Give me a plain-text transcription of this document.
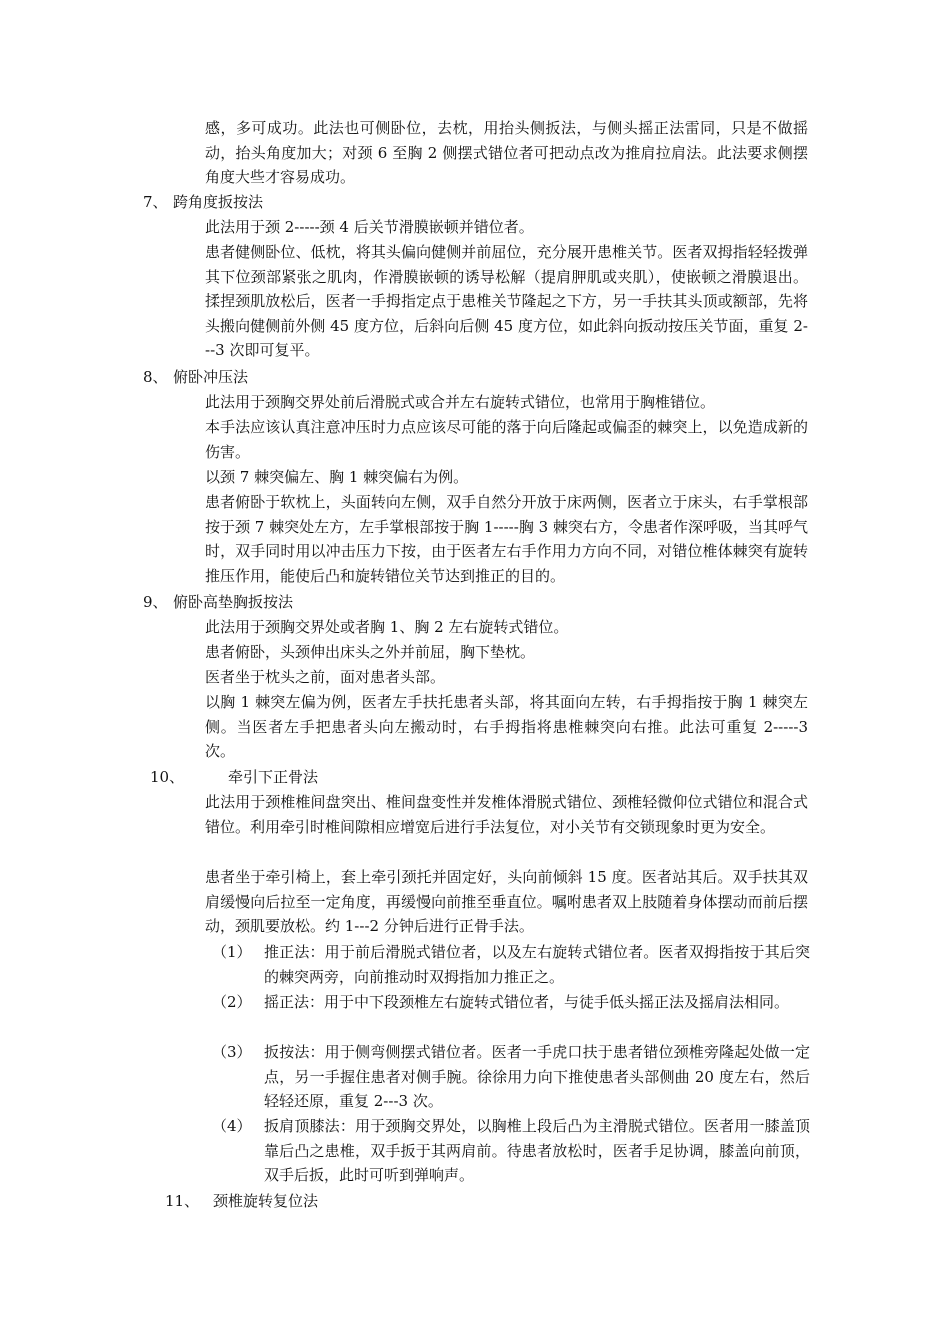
感，多可成功。此法也可侧卧位，去枕，用抬头侧扳法，与侧头摇正法雷同，只是不做摇动，抬头角度加大；对颈 6 至胸 2 侧摆式错位者可把动点改为推肩拉肩法。此法要求侧摆角度大些才容易成功。

7、 跨角度扳按法

此法用于颈 2-----颈 4 后关节滑膜嵌顿并错位者。

患者健侧卧位、低枕，将其头偏向健侧并前屈位，充分展开患椎关节。医者双拇指轻轻拨弹其下位颈部紧张之肌肉，作滑膜嵌顿的诱导松解（提肩胛肌或夹肌），使嵌顿之滑膜退出。揉捏颈肌放松后，医者一手拇指定点于患椎关节隆起之下方，另一手扶其头顶或额部，先将头搬向健侧前外侧 45 度方位，后斜向后侧 45 度方位，如此斜向扳动按压关节面，重复 2---3 次即可复平。

8、 俯卧冲压法

此法用于颈胸交界处前后滑脱式或合并左右旋转式错位，也常用于胸椎错位。

本手法应该认真注意冲压时力点应该尽可能的落于向后隆起或偏歪的棘突上，以免造成新的伤害。

以颈 7 棘突偏左、胸 1 棘突偏右为例。

患者俯卧于软枕上，头面转向左侧，双手自然分开放于床两侧，医者立于床头，右手掌根部按于颈 7 棘突处左方，左手掌根部按于胸 1-----胸 3 棘突右方，令患者作深呼吸，当其呼气时，双手同时用以冲击压力下按，由于医者左右手作用力方向不同，对错位椎体棘突有旋转推压作用，能使后凸和旋转错位关节达到推正的目的。

9、 俯卧高垫胸扳按法

此法用于颈胸交界处或者胸 1、胸 2 左右旋转式错位。

患者俯卧，头颈伸出床头之外并前屈，胸下垫枕。

医者坐于枕头之前，面对患者头部。

以胸 1 棘突左偏为例，医者左手扶托患者头部，将其面向左转，右手拇指按于胸 1 棘突左侧。当医者左手把患者头向左搬动时，右手拇指将患椎棘突向右推。此法可重复 2-----3 次。

10、	牵引下正骨法

此法用于颈椎椎间盘突出、椎间盘变性并发椎体滑脱式错位、颈椎轻微仰位式错位和混合式错位。利用牵引时椎间隙相应增宽后进行手法复位，对小关节有交锁现象时更为安全。

患者坐于牵引椅上，套上牵引颈托并固定好，头向前倾斜 15 度。医者站其后。双手扶其双肩缓慢向后拉至一定角度，再缓慢向前推至垂直位。嘱咐患者双上肢随着身体摆动而前后摆动，颈肌要放松。约 1---2 分钟后进行正骨手法。

（1） 推正法：用于前后滑脱式错位者，以及左右旋转式错位者。医者双拇指按于其后突的棘突两旁，向前推动时双拇指加力推正之。
（2） 摇正法：用于中下段颈椎左右旋转式错位者，与徒手低头摇正法及摇肩法相同。
（3） 扳按法：用于侧弯侧摆式错位者。医者一手虎口扶于患者错位颈椎旁隆起处做一定点，另一手握住患者对侧手腕。徐徐用力向下推使患者头部侧曲 20 度左右，然后轻轻还原，重复 2---3 次。
（4） 扳肩顶膝法：用于颈胸交界处，以胸椎上段后凸为主滑脱式错位。医者用一膝盖顶靠后凸之患椎，双手扳于其两肩前。待患者放松时，医者手足协调，膝盖向前顶，双手后扳，此时可听到弹响声。
11、 颈椎旋转复位法
